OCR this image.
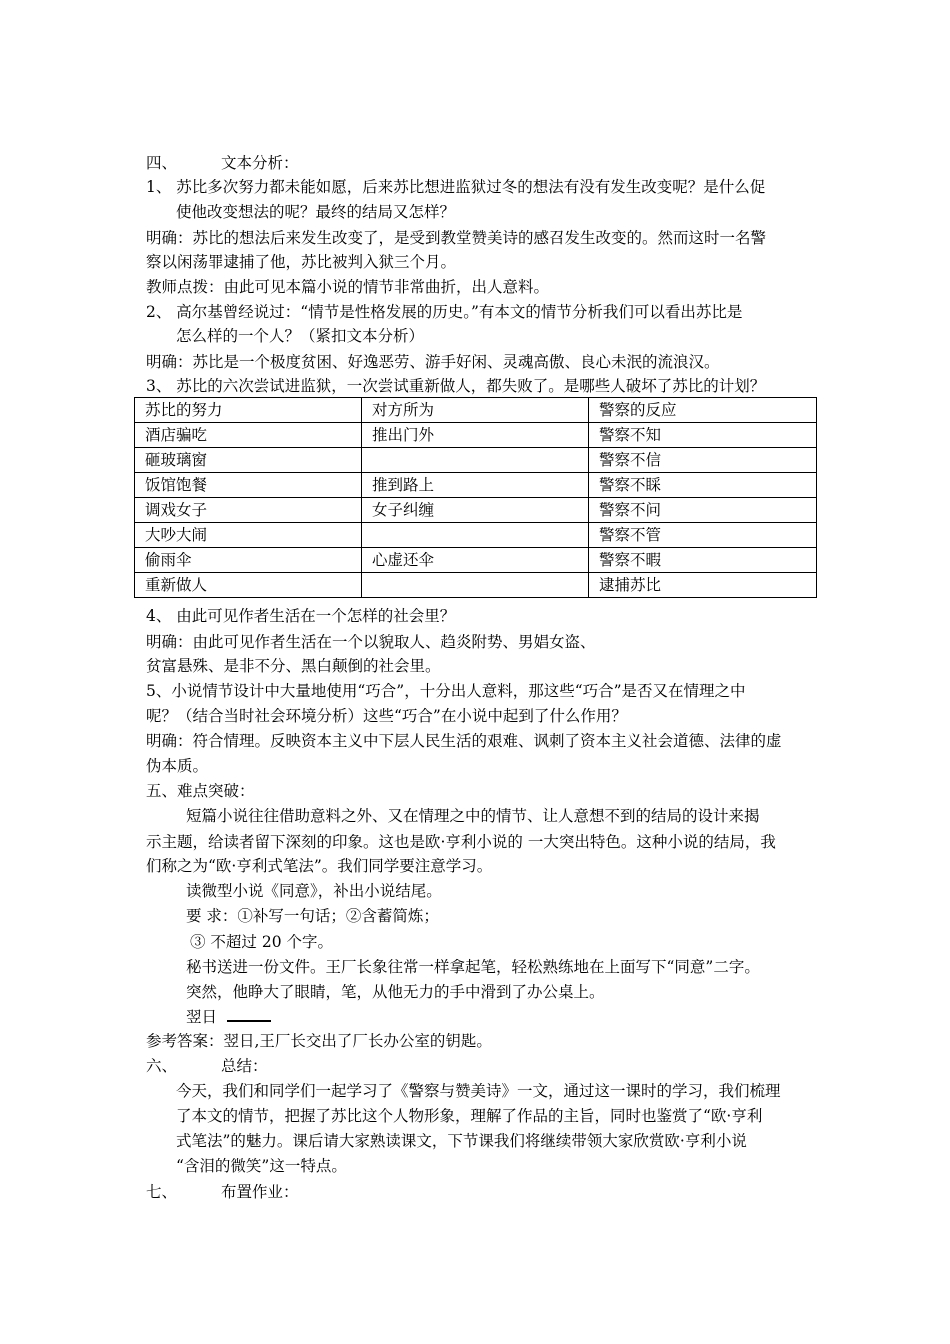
四、	文本分析：
1、 苏比多次努力都未能如愿，后来苏比想进监狱过冬的想法有没有发生改变呢？是什么促
使他改变想法的呢？最终的结局又怎样？
明确：苏比的想法后来发生改变了，是受到教堂赞美诗的感召发生改变的。然而这时一名警
察以闲荡罪逮捕了他，苏比被判入狱三个月。
教师点拨：由此可见本篇小说的情节非常曲折，出人意料。
2、 高尔基曾经说过：“情节是性格发展的历史。”有本文的情节分析我们可以看出苏比是
怎么样的一个人？（紧扣文本分析）
明确：苏比是一个极度贫困、好逸恶劳、游手好闲、灵魂高傲、良心未泯的流浪汉。
3、 苏比的六次尝试进监狱，一次尝试重新做人，都失败了。是哪些人破坏了苏比的计划？
苏比的努力	对方所为	警察的反应
酒店骗吃	推出门外	警察不知
砸玻璃窗		警察不信
饭馆饱餐	推到路上	警察不睬
调戏女子	女子纠缠	警察不问
大吵大闹		警察不管
偷雨伞	心虚还伞	警察不暇
重新做人		逮捕苏比
4、 由此可见作者生活在一个怎样的社会里？
明确：由此可见作者生活在一个以貌取人、趋炎附势、男娼女盗、
贫富悬殊、是非不分、黑白颠倒的社会里。
5、小说情节设计中大量地使用“巧合”，十分出人意料，那这些“巧合”是否又在情理之中
呢？（结合当时社会环境分析）这些“巧合”在小说中起到了什么作用？
明确：符合情理。反映资本主义中下层人民生活的艰难、讽刺了资本主义社会道德、法律的虚
伪本质。
五、难点突破：
短篇小说往往借助意料之外、又在情理之中的情节、让人意想不到的结局的设计来揭
示主题，给读者留下深刻的印象。这也是欧·亨利小说的 一大突出特色。这种小说的结局，我
们称之为“欧·亨利式笔法”。我们同学要注意学习。
读微型小说《同意》，补出小说结尾。
要 求：①补写一句话；②含蓄简炼；
③ 不超过 20 个字。
秘书送进一份文件。王厂长象往常一样拿起笔，轻松熟练地在上面写下“同意”二字。
突然，他睁大了眼睛，笔，从他无力的手中滑到了办公桌上。
翌日
参考答案：翌日,王厂长交出了厂长办公室的钥匙。
六、	总结：
今天，我们和同学们一起学习了《警察与赞美诗》一文，通过这一课时的学习，我们梳理
了本文的情节，把握了苏比这个人物形象，理解了作品的主旨，同时也鉴赏了“欧·亨利
式笔法”的魅力。课后请大家熟读课文，下节课我们将继续带领大家欣赏欧·亨利小说
“含泪的微笑”这一特点。
七、	布置作业：
